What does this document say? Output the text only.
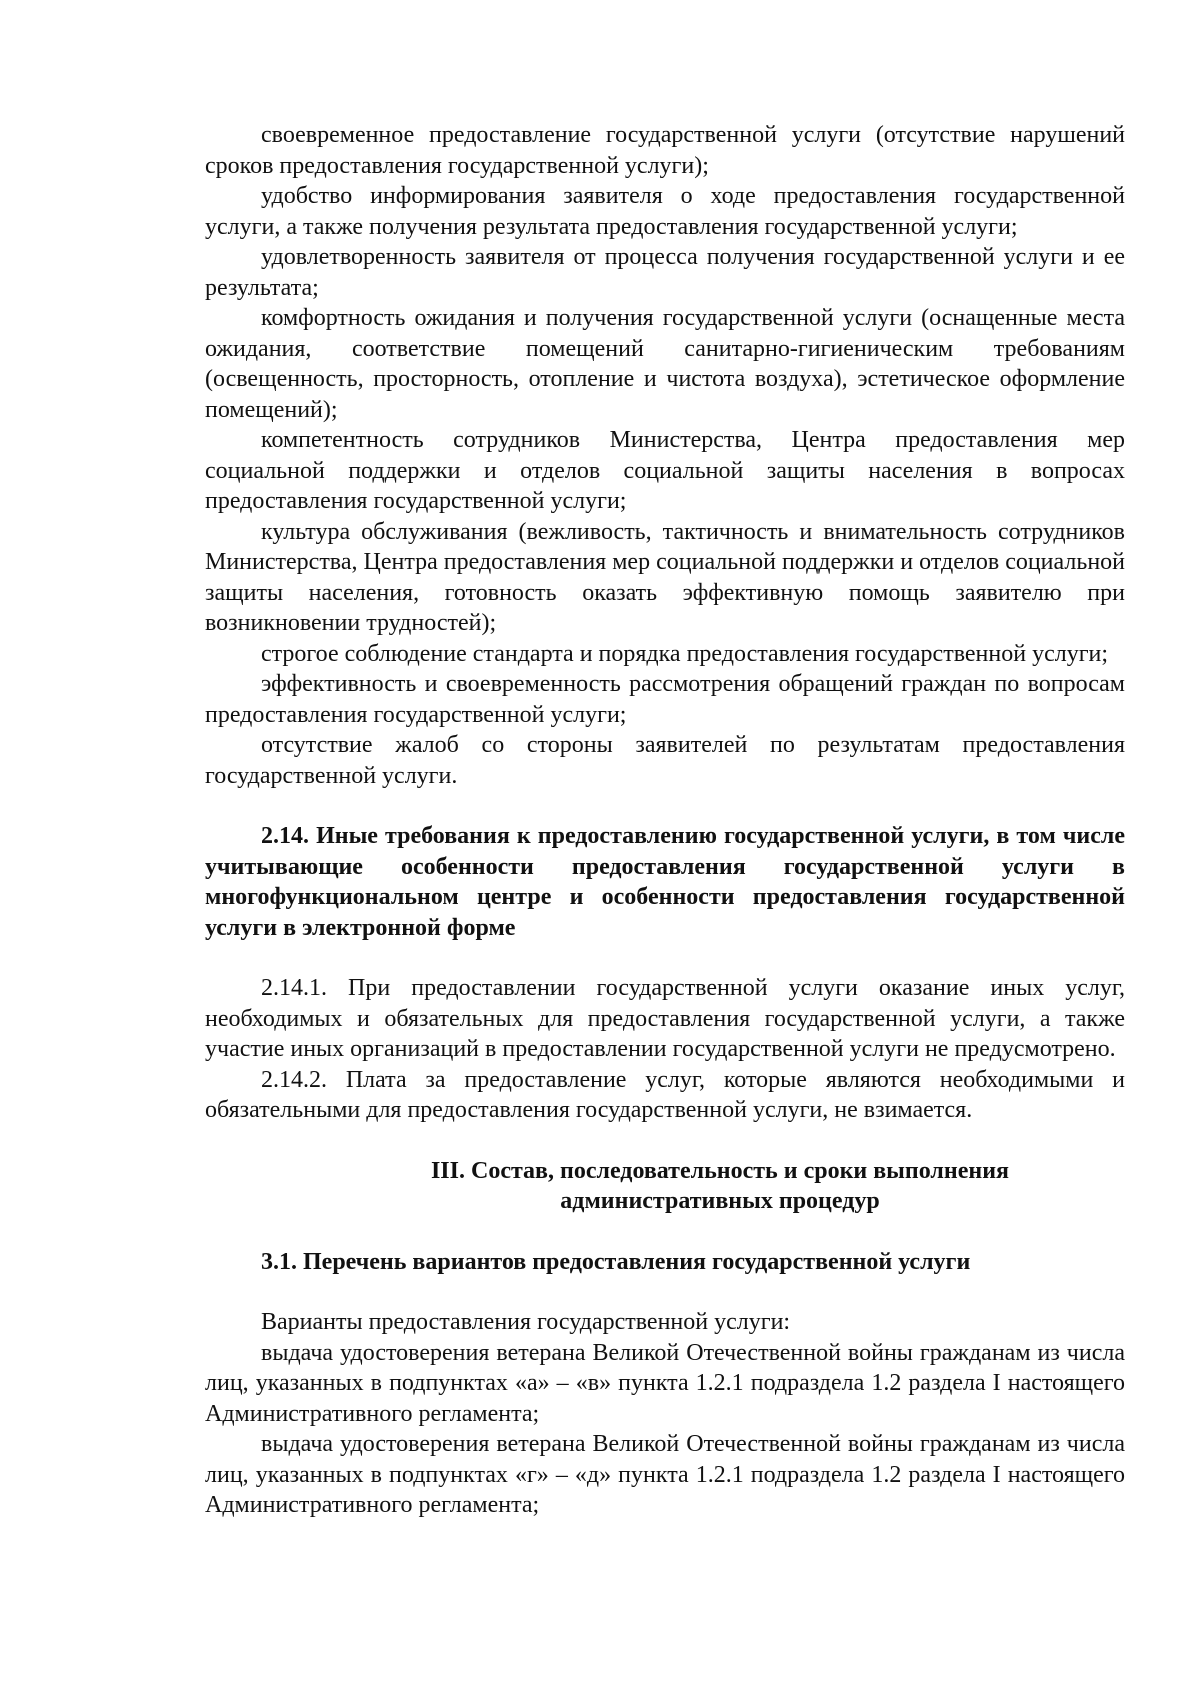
своевременное предоставление государственной услуги (отсутствие нарушений сроков предоставления государственной услуги);

удобство информирования заявителя о ходе предоставления государственной услуги, а также получения результата предоставления государственной услуги;

удовлетворенность заявителя от процесса получения государственной услуги и ее результата;

комфортность ожидания и получения государственной услуги (оснащенные места ожидания, соответствие помещений санитарно-гигиеническим требованиям (освещенность, просторность, отопление и чистота воздуха), эстетическое оформление помещений);

компетентность сотрудников Министерства, Центра предоставления мер социальной поддержки и отделов социальной защиты населения в вопросах предоставления государственной услуги;

культура обслуживания (вежливость, тактичность и внимательность сотрудников Министерства, Центра предоставления мер социальной поддержки и отделов социальной защиты населения, готовность оказать эффективную помощь заявителю при возникновении трудностей);

строгое соблюдение стандарта и порядка предоставления государственной услуги;

эффективность и своевременность рассмотрения обращений граждан по вопросам предоставления государственной услуги;

отсутствие жалоб со стороны заявителей по результатам предоставления государственной услуги.

2.14. Иные требования к предоставлению государственной услуги, в том числе учитывающие особенности предоставления государственной услуги в многофункциональном центре и особенности предоставления государственной услуги в электронной форме

2.14.1. При предоставлении государственной услуги оказание иных услуг, необходимых и обязательных для предоставления государственной услуги, а также участие иных организаций в предоставлении государственной услуги не предусмотрено.

2.14.2. Плата за предоставление услуг, которые являются необходимыми и обязательными для предоставления государственной услуги, не взимается.

III. Состав, последовательность и сроки выполнения
административных процедур

3.1. Перечень вариантов предоставления государственной услуги

Варианты предоставления государственной услуги:

выдача удостоверения ветерана Великой Отечественной войны гражданам из числа лиц, указанных в подпунктах «а» – «в» пункта 1.2.1 подраздела 1.2 раздела I настоящего Административного регламента;

выдача удостоверения ветерана Великой Отечественной войны гражданам из числа лиц, указанных в подпунктах «г» – «д» пункта 1.2.1 подраздела 1.2 раздела I настоящего Административного регламента;
